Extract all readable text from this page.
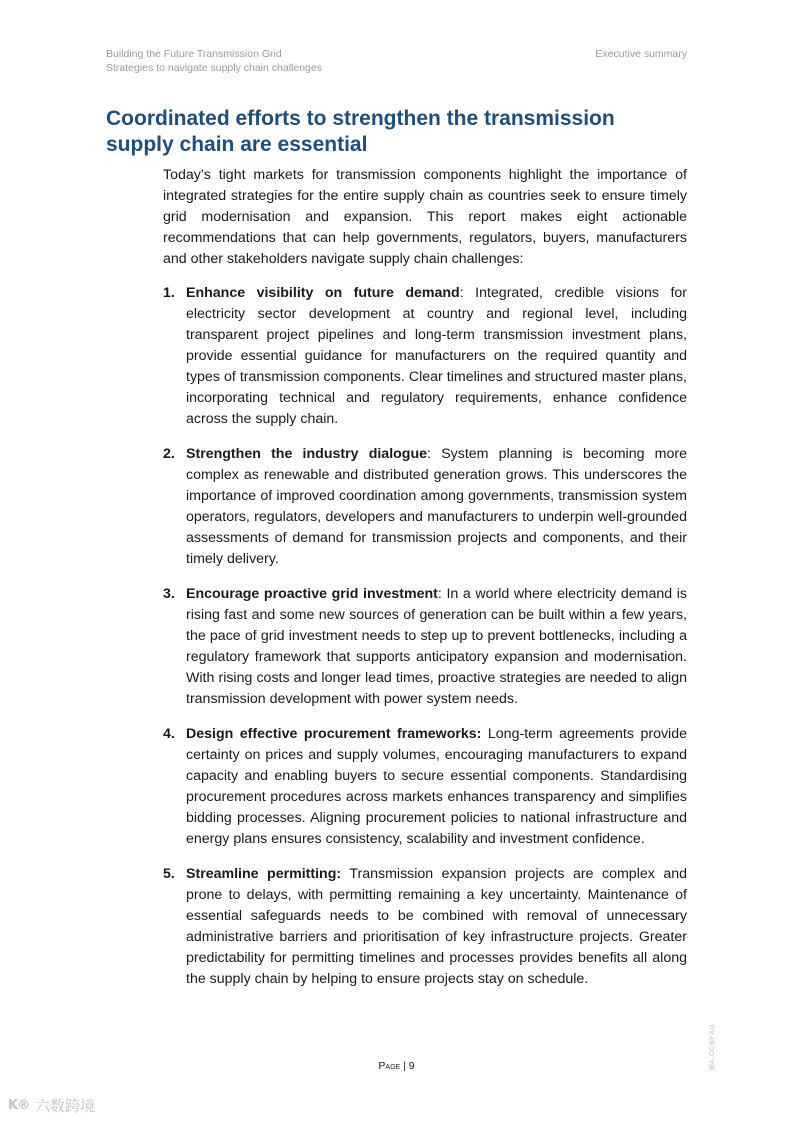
Building the Future Transmission Grid
Strategies to navigate supply chain challenges
Executive summary
Coordinated efforts to strengthen the transmission supply chain are essential

Today’s tight markets for transmission components highlight the importance of integrated strategies for the entire supply chain as countries seek to ensure timely grid modernisation and expansion. This report makes eight actionable recommendations that can help governments, regulators, buyers, manufacturers and other stakeholders navigate supply chain challenges:

1. Enhance visibility on future demand: Integrated, credible visions for electricity sector development at country and regional level, including transparent project pipelines and long-term transmission investment plans, provide essential guidance for manufacturers on the required quantity and types of transmission components. Clear timelines and structured master plans, incorporating technical and regulatory requirements, enhance confidence across the supply chain.
2. Strengthen the industry dialogue: System planning is becoming more complex as renewable and distributed generation grows. This underscores the importance of improved coordination among governments, transmission system operators, regulators, developers and manufacturers to underpin well-grounded assessments of demand for transmission projects and components, and their timely delivery.
3. Encourage proactive grid investment: In a world where electricity demand is rising fast and some new sources of generation can be built within a few years, the pace of grid investment needs to step up to prevent bottlenecks, including a regulatory framework that supports anticipatory expansion and modernisation. With rising costs and longer lead times, proactive strategies are needed to align transmission development with power system needs.
4. Design effective procurement frameworks: Long-term agreements provide certainty on prices and supply volumes, encouraging manufacturers to expand capacity and enabling buyers to secure essential components. Standardising procurement procedures across markets enhances transparency and simplifies bidding processes. Aligning procurement policies to national infrastructure and energy plans ensures consistency, scalability and investment confidence.
5. Streamline permitting: Transmission expansion projects are complex and prone to delays, with permitting remaining a key uncertainty. Maintenance of essential safeguards needs to be combined with removal of unnecessary administrative barriers and prioritisation of key infrastructure projects. Greater predictability for permitting timelines and processes provides benefits all along the supply chain by helping to ensure projects stay on schedule.
Page | 9	IEA. CC BY 4.0.
K® 六数跨境
